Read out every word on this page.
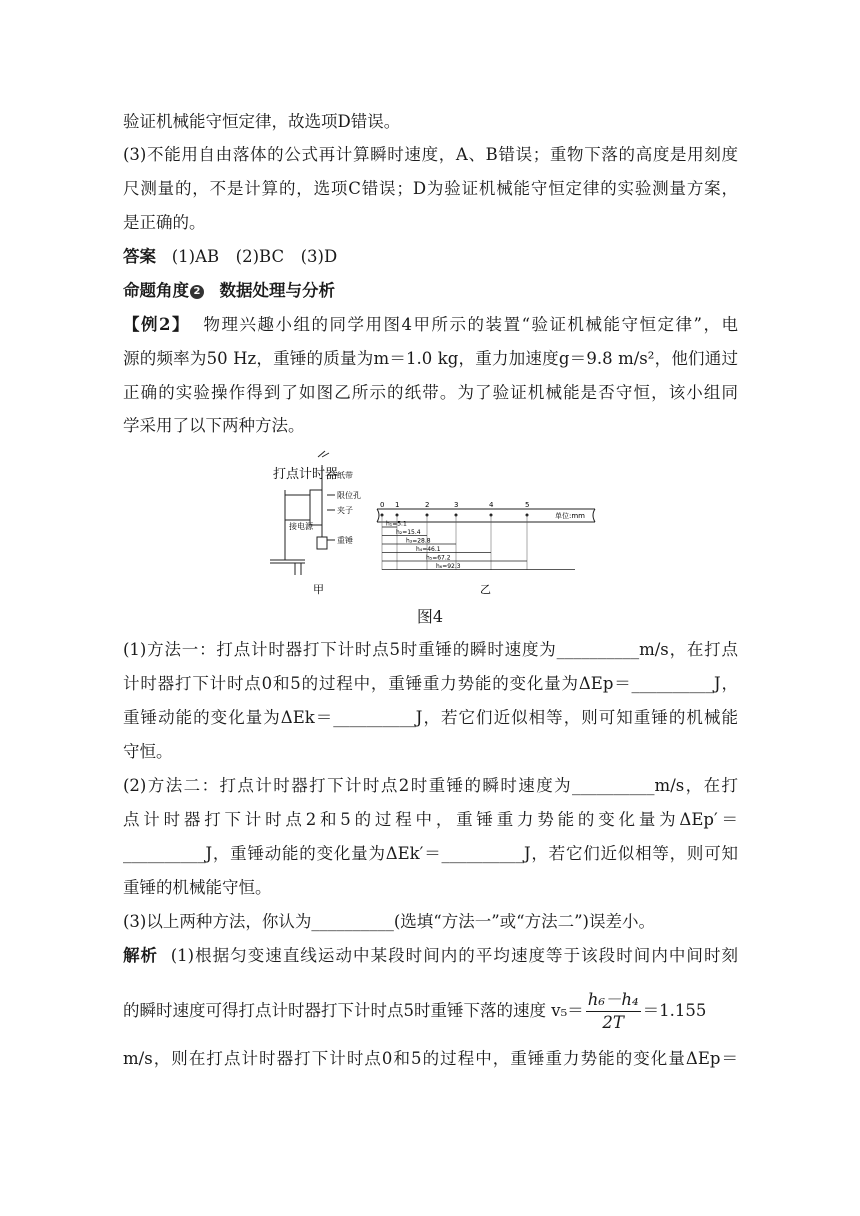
验证机械能守恒定律，故选项D错误。
(3)不能用自由落体的公式再计算瞬时速度，A、B错误；重物下落的高度是用刻度
尺测量的，不是计算的，选项C错误；D为验证机械能守恒定律的实验测量方案，
是正确的。
答案 (1)AB　(2)BC　(3)D
命题角度 2 数据处理与分析
【例2】 物理兴趣小组的同学用图4甲所示的装置“验证机械能守恒定律”，电
源的频率为50 Hz，重锤的质量为m＝1.0 kg，重力加速度g＝9.8 m/s²，他们通过
正确的实验操作得到了如图乙所示的纸带。为了验证机械能是否守恒，该小组同
学采用了以下两种方法。
打点计时器
纸带
限位孔
夹子
接电源
重锤
0 1	2	3	4	5
单位:mm
h₁=5.1
h₂=15.4
h₃=28.8
h₄=46.1
h₅=67.2
h₆=92.3
甲	乙
图4
(1)方法一：打点计时器打下计时点5时重锤的瞬时速度为__________m/s，在打点
计时器打下计时点0和5的过程中，重锤重力势能的变化量为ΔEp＝__________J，
重锤动能的变化量为ΔEk＝__________J，若它们近似相等，则可知重锤的机械能
守恒。
(2)方法二：打点计时器打下计时点2时重锤的瞬时速度为__________m/s，在打
点计时器打下计时点2和5的过程中，重锤重力势能的变化量为ΔEp′＝
__________J，重锤动能的变化量为ΔEk′＝__________J，若它们近似相等，则可知
重锤的机械能守恒。
(3)以上两种方法，你认为__________(选填“方法一”或“方法二”)误差小。
解析 (1)根据匀变速直线运动中某段时间内的平均速度等于该段时间内中间时刻
的瞬时速度可得打点计时器打下计时点5时重锤下落的速度 $v_5= \frac{\text{h₆－h₄}}{2T} =1.155$
m/s，则在打点计时器打下计时点0和5的过程中，重锤重力势能的变化量ΔEp＝
